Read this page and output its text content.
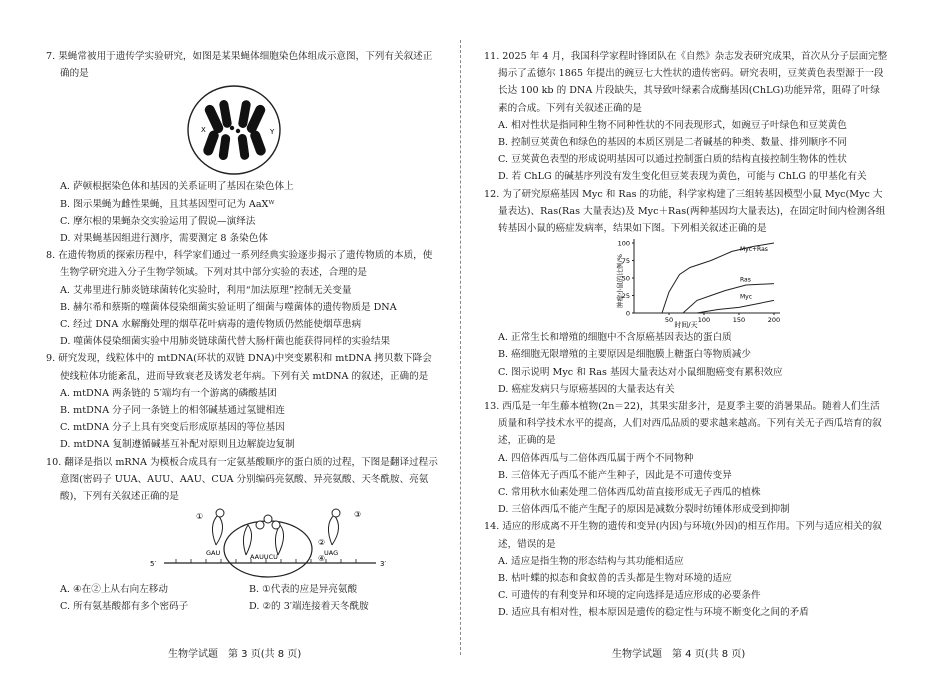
7. 果蝇常被用于遗传学实验研究，如图是某果蝇体细胞染色体组成示意图，下列有关叙述正确的是
X	Y
A. 萨顿根据染色体和基因的关系证明了基因在染色体上
B. 图示果蝇为雌性果蝇，且其基因型可记为 AaXᵂ
C. 摩尔根的果蝇杂交实验运用了假说—演绎法
D. 对果蝇基因组进行测序，需要测定 8 条染色体
8. 在遗传物质的探索历程中，科学家们通过一系列经典实验逐步揭示了遗传物质的本质，使生物学研究进入分子生物学领域。下列对其中部分实验的表述，合理的是
A. 艾弗里进行肺炎链球菌转化实验时，利用“加法原理”控制无关变量
B. 赫尔希和蔡斯的噬菌体侵染细菌实验证明了细菌与噬菌体的遗传物质是 DNA
C. 经过 DNA 水解酶处理的烟草花叶病毒的遗传物质仍然能使烟草患病
D. 噬菌体侵染细菌实验中用肺炎链球菌代替大肠杆菌也能获得同样的实验结果
9. 研究发现，线粒体中的 mtDNA(环状的双链 DNA)中突变累积和 mtDNA 拷贝数下降会使线粒体功能紊乱，进而导致衰老及诱发老年病。下列有关 mtDNA 的叙述，正确的是
A. mtDNA 两条链的 5′端均有一个游离的磷酸基团
B. mtDNA 分子同一条链上的相邻碱基通过氢键相连
C. mtDNA 分子上具有突变后形成原基因的等位基因
D. mtDNA 复制遵循碱基互补配对原则且边解旋边复制
10. 翻译是指以 mRNA 为模板合成具有一定氨基酸顺序的蛋白质的过程，下图是翻译过程示意图(密码子 UUA、AUU、AAU、CUA 分别编码亮氨酸、异亮氨酸、天冬酰胺、亮氨酸)，下列有关叙述正确的是
GAU	UAG
AAUUCU
①
②
③
④
5′	3′
A. ④在②上从右向左移动	B. ①代表的应是异亮氨酸
C. 所有氨基酸都有多个密码子	D. ②的 3′端连接着天冬酰胺
生物学试题　第 3 页(共 8 页)
11. 2025 年 4 月，我国科学家程时锋团队在《自然》杂志发表研究成果，首次从分子层面完整揭示了孟德尔 1865 年提出的豌豆七大性状的遗传密码。研究表明，豆荚黄色表型源于一段长达 100 kb 的 DNA 片段缺失，其导致叶绿素合成酶基因(ChLG)功能异常，阻碍了叶绿素的合成。下列有关叙述正确的是
A. 相对性状是指同种生物不同种性状的不同表现形式，如豌豆子叶绿色和豆荚黄色
B. 控制豆荚黄色和绿色的基因的本质区别是二者碱基的种类、数量、排列顺序不同
C. 豆荚黄色表型的形成说明基因可以通过控制蛋白质的结构直接控制生物体的性状
D. 若 ChLG 的碱基序列没有发生变化但豆荚表现为黄色，可能与 ChLG 的甲基化有关
12. 为了研究原癌基因 Myc 和 Ras 的功能，科学家构建了三组转基因模型小鼠 Myc(Myc 大量表达)、Ras(Ras 大量表达)及 Myc＋Ras(两种基因均大量表达)，在固定时间内检测各组转基因小鼠的癌症发病率，结果如下图。下列相关叙述正确的是
50	100	150	200
0
25
50
75
100
Myc+Ras
Ras
Myc
肿瘤小鼠的比例/%
时间/天
A. 正常生长和增殖的细胞中不含原癌基因表达的蛋白质
B. 癌细胞无限增殖的主要原因是细胞膜上糖蛋白等物质减少
C. 图示说明 Myc 和 Ras 基因大量表达对小鼠细胞癌变有累积效应
D. 癌症发病只与原癌基因的大量表达有关
13. 西瓜是一年生藤本植物(2n＝22)，其果实甜多汁，是夏季主要的消暑果品。随着人们生活质量和科学技术水平的提高，人们对西瓜品质的要求越来越高。下列有关无子西瓜培育的叙述，正确的是
A. 四倍体西瓜与二倍体西瓜属于两个不同物种
B. 三倍体无子西瓜不能产生种子，因此是不可遗传变异
C. 常用秋水仙素处理二倍体西瓜幼苗直接形成无子西瓜的植株
D. 三倍体西瓜不能产生配子的原因是减数分裂时纺锤体形成受到抑制
14. 适应的形成离不开生物的遗传和变异(内因)与环境(外因)的相互作用。下列与适应相关的叙述，错误的是
A. 适应是指生物的形态结构与其功能相适应
B. 枯叶蝶的拟态和食蚁兽的舌头都是生物对环境的适应
C. 可遗传的有利变异和环境的定向选择是适应形成的必要条件
D. 适应具有相对性，根本原因是遗传的稳定性与环境不断变化之间的矛盾
生物学试题　第 4 页(共 8 页)
